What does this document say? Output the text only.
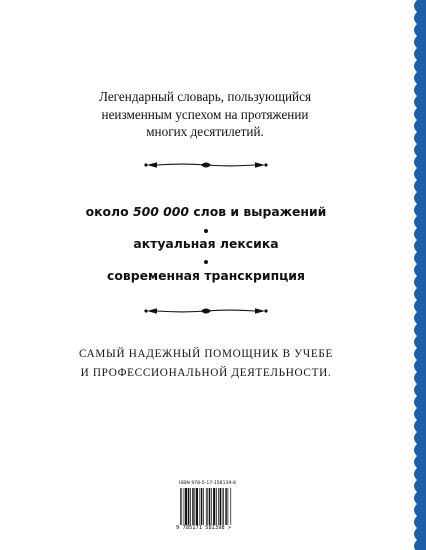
Легендарный словарь, пользующийся
неизменным успехом на протяжении
многих десятилетий.
около 500 000 слов и выражений
актуальная лексика
современная транскрипция
САМЫЙ НАДЕЖНЫЙ ПОМОЩНИК В УЧЕБЕ
И ПРОФЕССИОНАЛЬНОЙ ДЕЯТЕЛЬНОСТИ.
ISBN 978-5-17-158139-8
9 785171 581398 >
